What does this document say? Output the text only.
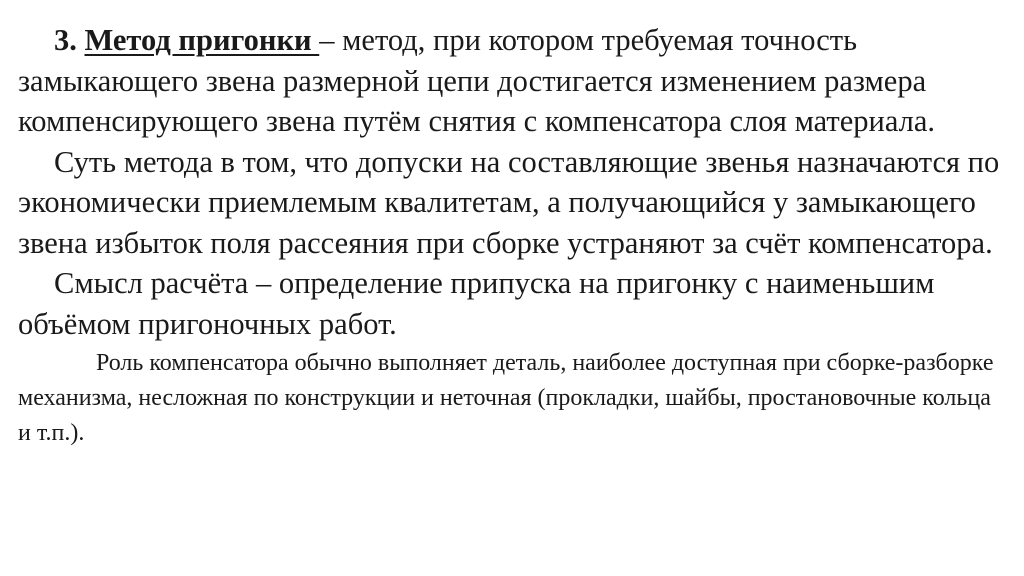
3. Метод пригонки – метод, при котором требуемая точность замыкающего звена размерной цепи достигается изменением размера компенсирующего звена путём снятия с компенсатора слоя материала.

Суть метода в том, что допуски на составляющие звенья назначаются по экономически приемлемым квалитетам, а получающийся у замыкающего звена избыток поля рассеяния при сборке устраняют за счёт компенсатора.

Смысл расчёта – определение припуска на пригонку с наименьшим объёмом пригоночных работ.

Роль компенсатора обычно выполняет деталь, наиболее доступная при сборке-разборке механизма, несложная по конструкции и неточная (прокладки, шайбы, простановочные кольца и т.п.).
